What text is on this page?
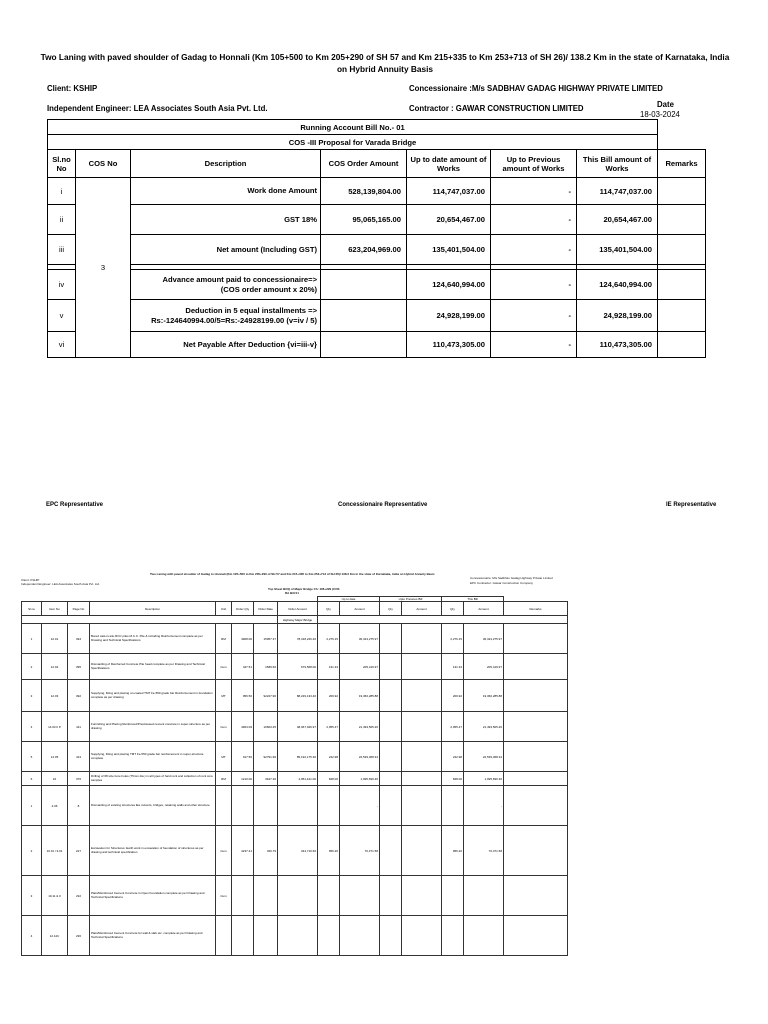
Two Laning with paved shoulder of Gadag to Honnali (Km 105+500 to Km 205+290 of SH 57 and Km 215+335 to Km 253+713 of SH 26)/ 138.2 Km in the state of Karnataka, India on Hybrid Annuity Basis
Client: KSHIP	Concessionaire :M/s SADBHAV GADAG HIGHWAY PRIVATE LIMITED
Independent Engineer: LEA Associates South Asia Pvt. Ltd.	Contractor : GAWAR CONSTRUCTION LIMITED	Date
18-03-2024
Running Account Bill No.- 01							
COS -III Proposal for Varada Bridge							
Sl.no No	COS No	Description	COS Order Amount	Up to date amount of Works	Up to Previous amount of Works	This Bill amount of Works	Remarks
i	3	Work done Amount	528,139,804.00	114,747,037.00	-	114,747,037.00	
ii		GST 18%	95,065,165.00	20,654,467.00	-	20,654,467.00	
iii		Net amount (Including GST)	623,204,969.00	135,401,504.00	-	135,401,504.00	

iv		Advance amount paid to concessionaire=>
(COS order amount x 20%)		124,640,994.00	-	124,640,994.00	
v		Deduction in 5 equal installments =>
Rs:-124640994.00/5=Rs:-24928199.00 (v=iv / 5)		24,928,199.00	-	24,928,199.00	
vi		Net Payable After Deduction {vi=iii-v}		110,473,305.00	-	110,473,305.00	
EPC Representative	Concessionaire Representative	IE Representative
Two Laning with paved shoulder of Gadag to Honnali (Km 105+500 to Km 205+290 of SH 57 and Km 215+335 to Km 253+713 of SH 26)/ 138.2 Km in the state of Karnataka, India on Hybrid Annuity Basis
Client: KSHIP
Independent Engineer: LEA Associates South Asia Pvt. Ltd.
Concessionaire: M/s Sadbhav Gadag Highway Private Limited
EPC Contractor: Gawar Construction Company
Top Sheet BOQ of Major Bridge Ch: 166+229 (COS
RA Bill 01
								Up to date		Upto Previous Bill		This Bill		
Sl.no	Item No	Page No	Description	Unit	Order Qty	Order Rate	Order Amount	Qty	Amount	Qty	Amount	Qty	Amount	Remarks
							Highway Major Bridge							
1	12.01	394	Bored cast-in-situ RCC piles M.C.C. Pile & including Reinforcement complete as per Drawing and Technical Specifications	RM	4908.00	15957.37	78,318,246.40	2,276.15	36,324,275.97			2,276.15	36,324,275.97	
2	12.02	395	Dismantling of Reinforced Concrete Pile head complete as per Drawing and Technical Specifications	Cum	427.51	1589.60	679,568.00	131.34	205,419.97			131.34	205,419.97	
3	12.03	392	Supplying, fitting and placing un-coated TMT Fe-550 grade bar Reinforcement in foundation complete as per drawing	MT	956.50	92227.96	88,229,133.40	209.92	19,360,285.88			209.92	19,360,285.88	
4	14.03 II P	411	Furnishing and Placing Reinforced/Prestressed cement concrete in super-structure as per drawing	Cum	4964.09	10603.25	48,067,046.97	2,055.47	21,493,505.20			2,055.47	21,493,505.20	
5	14.05	413	Supplying, fitting and placing TMT Fe-550 grade bar reinforcement in super-structure complete	MT	917.50	92791.96	85,192,175.30	242.98	22,539,368.34			242.98	22,539,368.34	
6	16	376	Drilling of 68 size bore holes (75mm dia.) in all types of hard rock and collection of rock core samples	RM	1210.00	3947.30	4,951,441.00	848.00	1,995,699.30			848.00	1,995,699.30	
1	2.06	8	Dismantling of existing structures like culverts, bridges, retaining walls and other structure						-				-	
2	10.01 / 9.01	227	Excavation for Structures: Earth work in excavation of foundation of structures as per drawing and technical specification	Cum	4237.41	326.79	344,710.60	956.20	70,371.58			956.20	70,371.58	
3	10.11 & 0	232	Plain/Reinforced Cement Concrete in Open Foundation complete as per Drawing and Technical Specifications	Cum										
4	12.12C	236	Plain/Reinforced Cement Concrete for wall & slab etc. complete as per Drawing and Technical Specifications											
